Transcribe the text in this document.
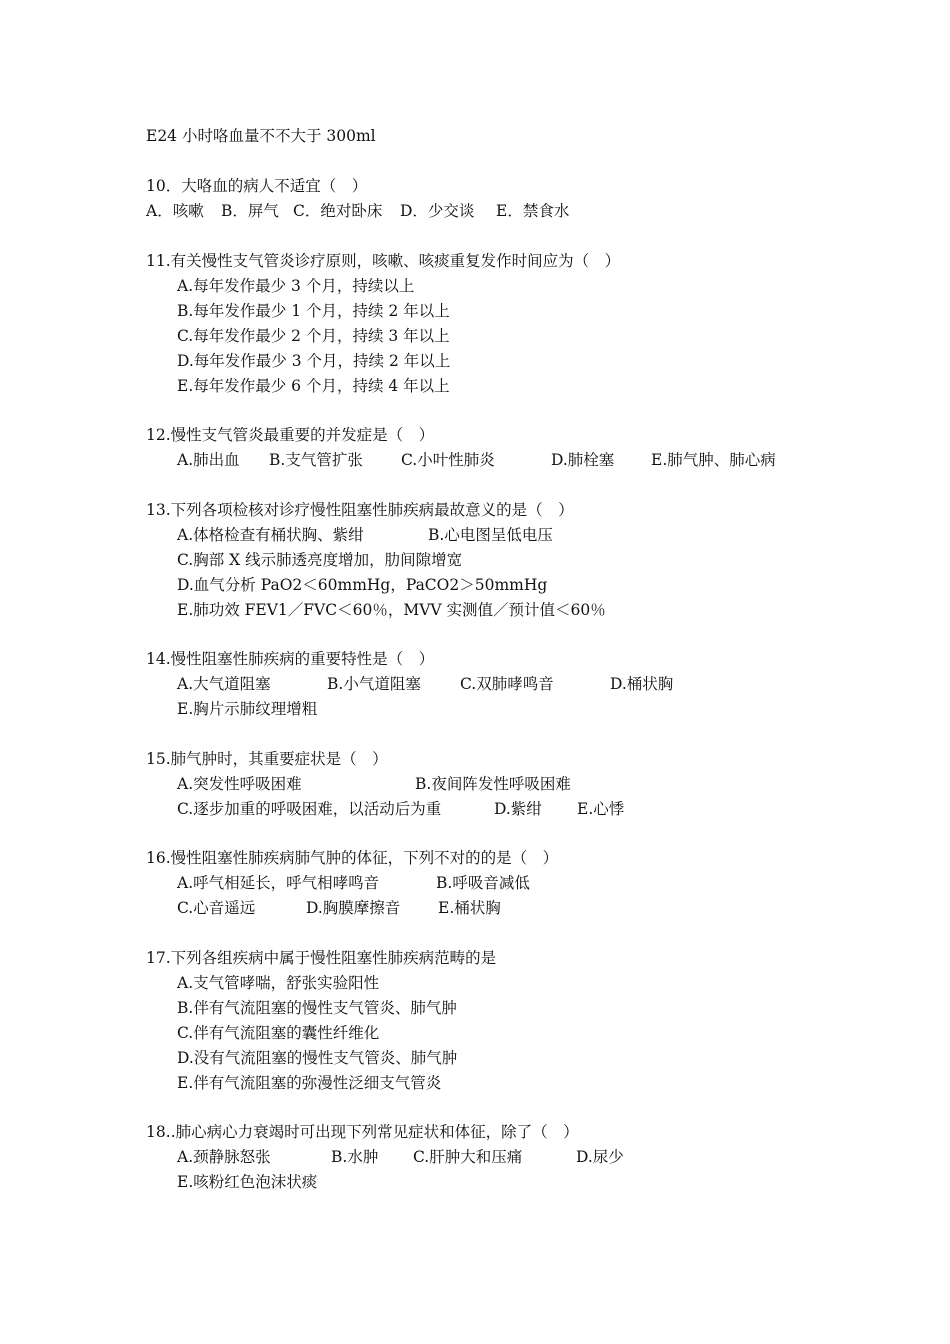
E24 小时咯血量不不大于 300ml
10．大咯血的病人不适宜（　）
A．咳嗽 B．屏气 C．绝对卧床 D．少交谈 E．禁食水
11.有关慢性支气管炎诊疗原则，咳嗽、咳痰重复发作时间应为（　）
A.每年发作最少 3 个月，持续以上
B.每年发作最少 1 个月，持续 2 年以上
C.每年发作最少 2 个月，持续 3 年以上
D.每年发作最少 3 个月，持续 2 年以上
E.每年发作最少 6 个月，持续 4 年以上
12.慢性支气管炎最重要的并发症是（　）
A.肺出血 B.支气管扩张 C.小叶性肺炎	D.肺栓塞 E.肺气肿、肺心病
13.下列各项检核对诊疗慢性阻塞性肺疾病最故意义的是（　）
A.体格检查有桶状胸、紫绀	B.心电图呈低电压
C.胸部 X 线示肺透亮度增加，肋间隙增宽
D.血气分析 PaO2＜60mmHg，PaCO2＞50mmHg
E.肺功效 FEV1／FVC＜60％，MVV 实测值／预计值＜60％
14.慢性阻塞性肺疾病的重要特性是（　）
A.大气道阻塞	B.小气道阻塞	C.双肺哮鸣音	D.桶状胸
E.胸片示肺纹理增粗
15.肺气肿时，其重要症状是（　）
A.突发性呼吸困难	B.夜间阵发性呼吸困难
C.逐步加重的呼吸困难，以活动后为重	D.紫绀 E.心悸
16.慢性阻塞性肺疾病肺气肿的体征，下列不对的的是（　）
A.呼气相延长，呼气相哮鸣音	B.呼吸音减低
C.心音遥远	D.胸膜摩擦音 E.桶状胸
17.下列各组疾病中属于慢性阻塞性肺疾病范畴的是
A.支气管哮喘，舒张实验阳性
B.伴有气流阻塞的慢性支气管炎、肺气肿
C.伴有气流阻塞的囊性纤维化
D.没有气流阻塞的慢性支气管炎、肺气肿
E.伴有气流阻塞的弥漫性泛细支气管炎
18..肺心病心力衰竭时可出现下列常见症状和体征，除了（　）
A.颈静脉怒张	B.水肿 C.肝肿大和压痛	D.尿少
E.咳粉红色泡沫状痰
